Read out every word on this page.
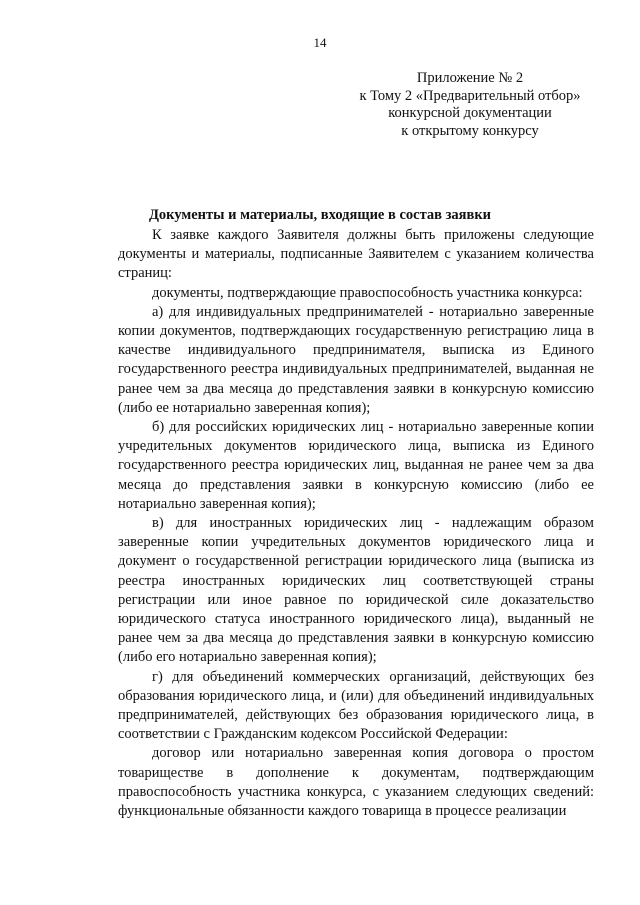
14
Приложение № 2
к Тому 2 «Предварительный отбор»
конкурсной документации
к открытому конкурсу
Документы и материалы, входящие в состав заявки

К заявке каждого Заявителя должны быть приложены следующие документы и материалы, подписанные Заявителем с указанием количества страниц:

документы, подтверждающие правоспособность участника конкурса:

а) для индивидуальных предпринимателей - нотариально заверенные копии документов, подтверждающих государственную регистрацию лица в качестве индивидуального предпринимателя, выписка из Единого государственного реестра индивидуальных предпринимателей, выданная не ранее чем за два месяца до представления заявки в конкурсную комиссию (либо ее нотариально заверенная копия);

б) для российских юридических лиц - нотариально заверенные копии учредительных документов юридического лица, выписка из Единого государственного реестра юридических лиц, выданная не ранее чем за два месяца до представления заявки в конкурсную комиссию (либо ее нотариально заверенная копия);

в) для иностранных юридических лиц - надлежащим образом заверенные копии учредительных документов юридического лица и документ о государственной регистрации юридического лица (выписка из реестра иностранных юридических лиц соответствующей страны регистрации или иное равное по юридической силе доказательство юридического статуса иностранного юридического лица), выданный не ранее чем за два месяца до представления заявки в конкурсную комиссию (либо его нотариально заверенная копия);

г) для объединений коммерческих организаций, действующих без образования юридического лица, и (или) для объединений индивидуальных предпринимателей, действующих без образования юридического лица, в соответствии с Гражданским кодексом Российской Федерации:

договор или нотариально заверенная копия договора о простом товариществе в дополнение к документам, подтверждающим правоспособность участника конкурса, с указанием следующих сведений: функциональные обязанности каждого товарища в процессе реализации
